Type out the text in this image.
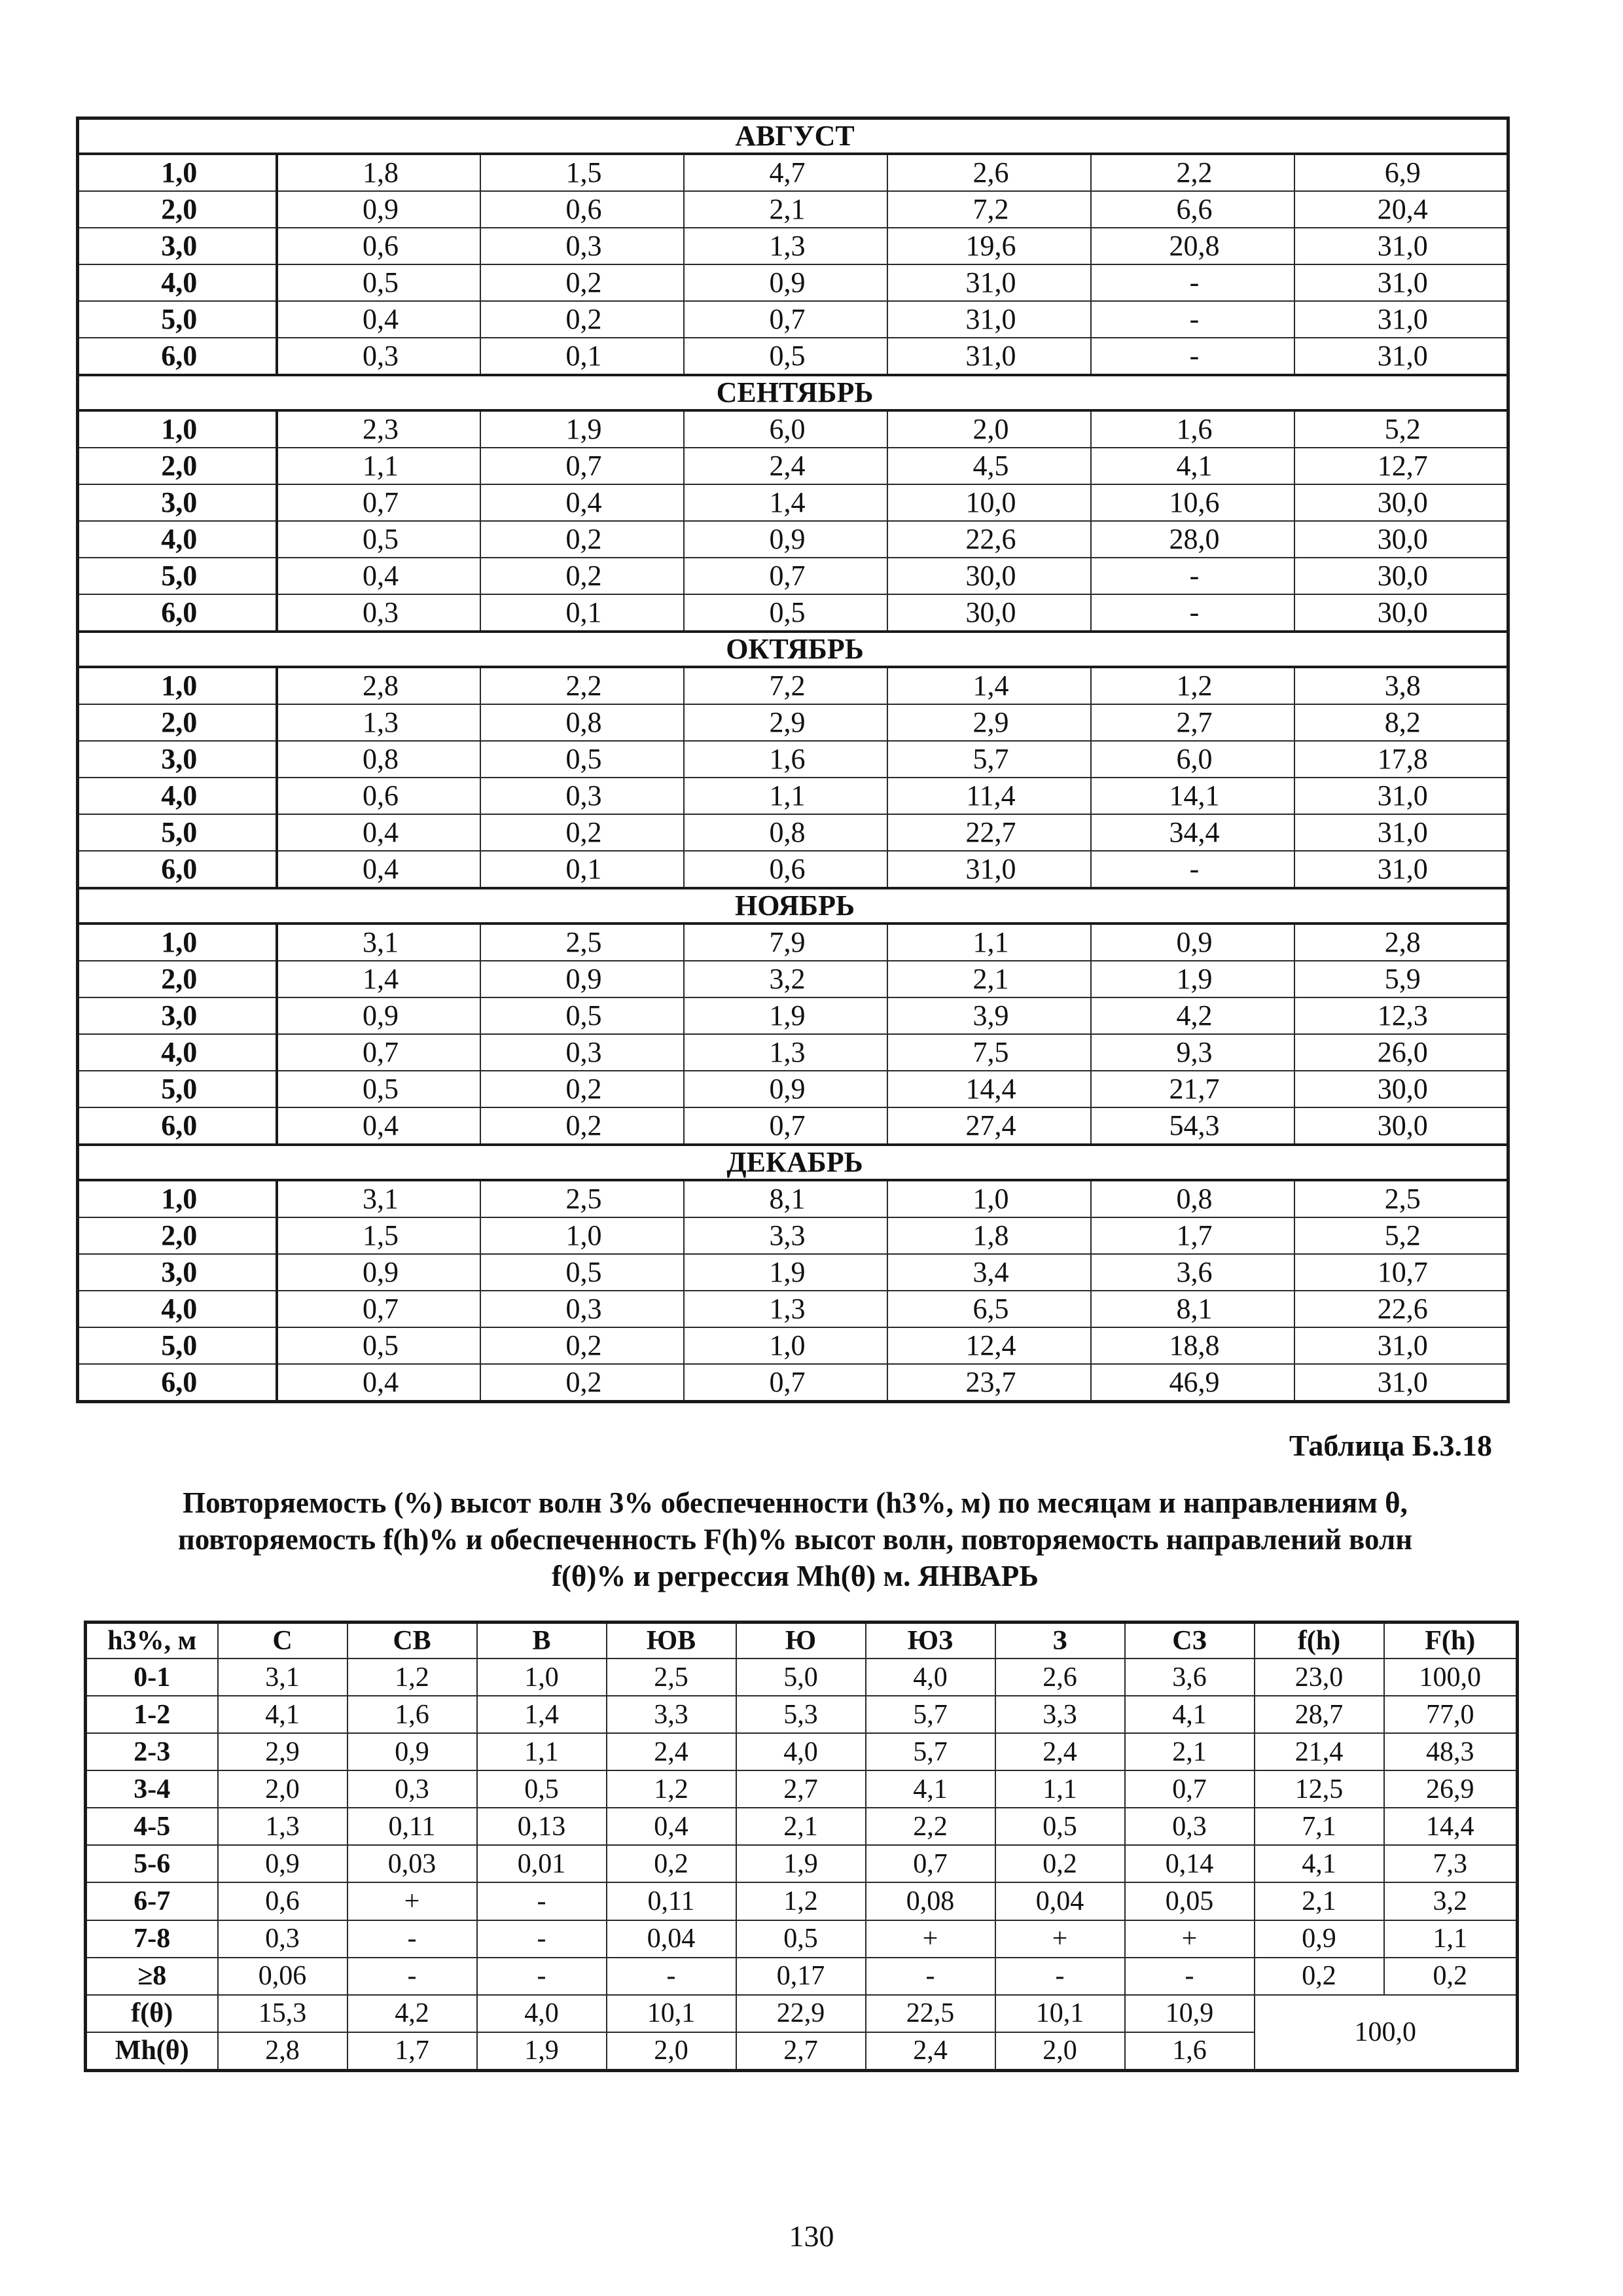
АВГУСТ						
1,0	1,8	1,5	4,7	2,6	2,2	6,9
2,0	0,9	0,6	2,1	7,2	6,6	20,4
3,0	0,6	0,3	1,3	19,6	20,8	31,0
4,0	0,5	0,2	0,9	31,0	-	31,0
5,0	0,4	0,2	0,7	31,0	-	31,0
6,0	0,3	0,1	0,5	31,0	-	31,0
СЕНТЯБРЬ						
1,0	2,3	1,9	6,0	2,0	1,6	5,2
2,0	1,1	0,7	2,4	4,5	4,1	12,7
3,0	0,7	0,4	1,4	10,0	10,6	30,0
4,0	0,5	0,2	0,9	22,6	28,0	30,0
5,0	0,4	0,2	0,7	30,0	-	30,0
6,0	0,3	0,1	0,5	30,0	-	30,0
ОКТЯБРЬ						
1,0	2,8	2,2	7,2	1,4	1,2	3,8
2,0	1,3	0,8	2,9	2,9	2,7	8,2
3,0	0,8	0,5	1,6	5,7	6,0	17,8
4,0	0,6	0,3	1,1	11,4	14,1	31,0
5,0	0,4	0,2	0,8	22,7	34,4	31,0
6,0	0,4	0,1	0,6	31,0	-	31,0
НОЯБРЬ						
1,0	3,1	2,5	7,9	1,1	0,9	2,8
2,0	1,4	0,9	3,2	2,1	1,9	5,9
3,0	0,9	0,5	1,9	3,9	4,2	12,3
4,0	0,7	0,3	1,3	7,5	9,3	26,0
5,0	0,5	0,2	0,9	14,4	21,7	30,0
6,0	0,4	0,2	0,7	27,4	54,3	30,0
ДЕКАБРЬ						
1,0	3,1	2,5	8,1	1,0	0,8	2,5
2,0	1,5	1,0	3,3	1,8	1,7	5,2
3,0	0,9	0,5	1,9	3,4	3,6	10,7
4,0	0,7	0,3	1,3	6,5	8,1	22,6
5,0	0,5	0,2	1,0	12,4	18,8	31,0
6,0	0,4	0,2	0,7	23,7	46,9	31,0
Таблица Б.3.18
Повторяемость (%) высот волн 3% обеспеченности (h3%, м) по месяцам и направлениям θ,
повторяемость f(h)% и обеспеченность F(h)% высот волн, повторяемость направлений волн
f(θ)% и регрессия Mh(θ) м. ЯНВАРЬ
h3%, м	С	СВ	В	ЮВ	Ю	ЮЗ	З	СЗ	f(h)	F(h)
0-1	3,1	1,2	1,0	2,5	5,0	4,0	2,6	3,6	23,0	100,0
1-2	4,1	1,6	1,4	3,3	5,3	5,7	3,3	4,1	28,7	77,0
2-3	2,9	0,9	1,1	2,4	4,0	5,7	2,4	2,1	21,4	48,3
3-4	2,0	0,3	0,5	1,2	2,7	4,1	1,1	0,7	12,5	26,9
4-5	1,3	0,11	0,13	0,4	2,1	2,2	0,5	0,3	7,1	14,4
5-6	0,9	0,03	0,01	0,2	1,9	0,7	0,2	0,14	4,1	7,3
6-7	0,6	+	-	0,11	1,2	0,08	0,04	0,05	2,1	3,2
7-8	0,3	-	-	0,04	0,5	+	+	+	0,9	1,1
≥8	0,06	-	-	-	0,17	-	-	-	0,2	0,2
f(θ)	15,3	4,2	4,0	10,1	22,9	22,5	10,1	10,9	100,0	
Mh(θ)	2,8	1,7	1,9	2,0	2,7	2,4	2,0	1,6		
130
